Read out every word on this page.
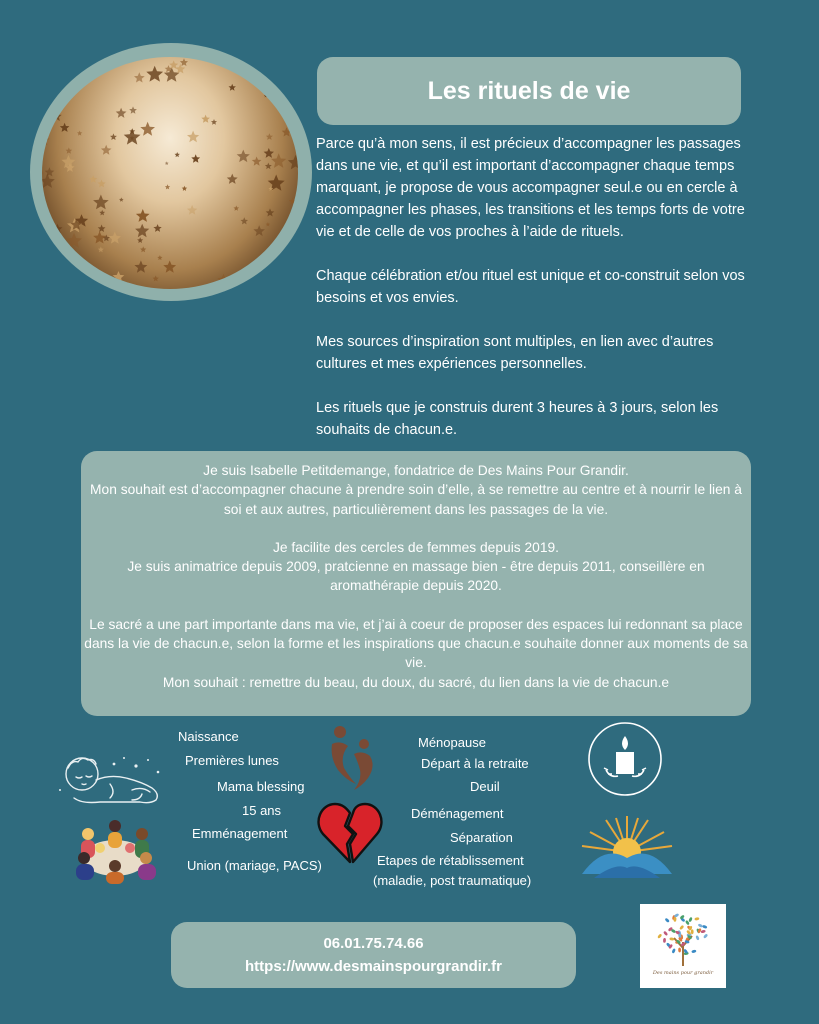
Les rituels de vie

Parce qu’à mon sens, il est précieux d’accompagner les passages dans une vie, et qu’il est important d’accompagner chaque temps marquant, je propose de vous accompagner seul.e ou en cercle à accompagner les phases, les transitions et les temps forts de votre vie et de celle de vos proches à l’aide de rituels.

Chaque célébration et/ou rituel est unique et co-construit selon vos besoins et vos envies.

Mes sources d’inspiration sont multiples, en lien avec d’autres cultures et mes expériences personnelles.

Les rituels que je construis durent 3 heures à 3 jours, selon les souhaits de chacun.e.

Je suis Isabelle Petitdemange, fondatrice de Des Mains Pour Grandir.
Mon souhait est d’accompagner chacune à prendre soin d’elle, à se remettre au centre et à nourrir le lien à soi et aux autres, particulièrement dans les passages de la vie.

Je facilite des cercles de femmes depuis 2019.
Je suis animatrice depuis 2009, pratcienne en massage bien - être depuis 2011, conseillère en aromathérapie depuis 2020.

Le sacré a une part importante dans ma vie, et j’ai à coeur de proposer des espaces lui redonnant sa place dans la vie de chacun.e, selon la forme et les inspirations que chacun.e souhaite donner aux moments de sa vie.
Mon souhait : remettre du beau, du doux, du sacré, du lien dans la vie de chacun.e

Naissance
Premières lunes
Mama blessing
15 ans
Emménagement
Union (mariage, PACS)
Ménopause
Départ à la retraite
Deuil
Déménagement
Séparation
Etapes de rétablissement
(maladie, post traumatique)
06.01.75.74.66
https://www.desmainspourgrandir.fr	Des mains pour grandir
